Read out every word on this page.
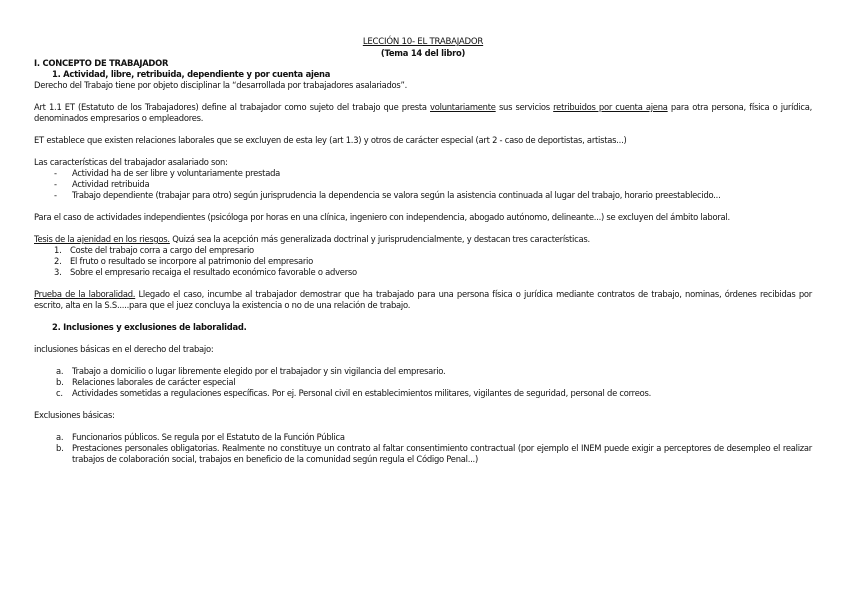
LECCIÓN 10- EL TRABAJADOR
(Tema 14 del libro)
I. CONCEPTO DE TRABAJADOR
1. Actividad, libre, retribuida, dependiente y por cuenta ajena

Derecho del Trabajo tiene por objeto disciplinar la “desarrollada por trabajadores asalariados”.

Art 1.1 ET (Estatuto de los Trabajadores) define al trabajador como sujeto del trabajo que presta voluntariamente sus servicios retribuidos por cuenta ajena para otra persona, física o jurídica, denominados empresarios o empleadores.

ET establece que existen relaciones laborales que se excluyen de esta ley (art 1.3) y otros de carácter especial (art 2 - caso de deportistas, artistas...)

Las características del trabajador asalariado son:

- Actividad ha de ser libre y voluntariamente prestada
- Actividad retribuida
- Trabajo dependiente (trabajar para otro) según jurisprudencia la dependencia se valora según la asistencia continuada al lugar del trabajo, horario preestablecido...

Para el caso de actividades independientes (psicóloga por horas en una clínica, ingeniero con independencia, abogado autónomo, delineante...) se excluyen del ámbito laboral.

Tesis de la ajenidad en los riesgos. Quizá sea la acepción más generalizada doctrinal y jurisprudencialmente, y destacan tres características.

1. Coste del trabajo corra a cargo del empresario
2. El fruto o resultado se incorpore al patrimonio del empresario
3. Sobre el empresario recaiga el resultado económico favorable o adverso

Prueba de la laboralidad. Llegado el caso, incumbe al trabajador demostrar que ha trabajado para una persona física o jurídica mediante contratos de trabajo, nominas, órdenes recibidas por escrito, alta en la S.S.....para que el juez concluya la existencia o no de una relación de trabajo.

2. Inclusiones y exclusiones de laboralidad.

inclusiones básicas en el derecho del trabajo:

a. Trabajo a domicilio o lugar libremente elegido por el trabajador y sin vigilancia del empresario.
b. Relaciones laborales de carácter especial
c. Actividades sometidas a regulaciones específicas. Por ej. Personal civil en establecimientos militares, vigilantes de seguridad, personal de correos.

Exclusiones básicas:

a. Funcionarios públicos. Se regula por el Estatuto de la Función Pública
b. Prestaciones personales obligatorias. Realmente no constituye un contrato al faltar consentimiento contractual (por ejemplo el INEM puede exigir a perceptores de desempleo el realizar trabajos de colaboración social, trabajos en beneficio de la comunidad según regula el Código Penal...)
